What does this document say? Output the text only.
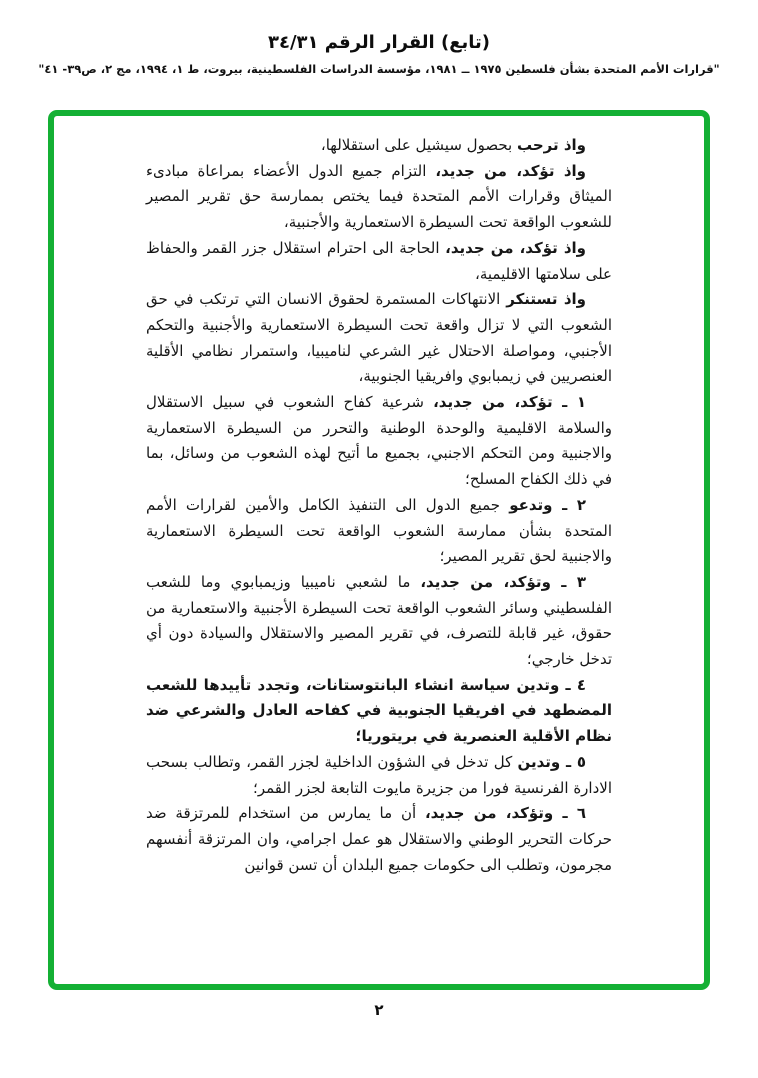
(تابع) القرار الرقم ٣٤/٣١
"قرارات الأمم المتحدة بشأن فلسطين ١٩٧٥ ــ ١٩٨١، مؤسسة الدراسات الفلسطينية، بيروت، ط ١، ١٩٩٤، مج ٢، ص٣٩- ٤١"

واذ ترحب بحصول سيشيل على استقلالها،

واذ تؤكد، من جديد، التزام جميع الدول الأعضاء بمراعاة مبادىء الميثاق وقرارات الأمم المتحدة فيما يختص بممارسة حق تقرير المصير للشعوب الواقعة تحت السيطرة الاستعمارية والأجنبية،

واذ تؤكد، من جديد، الحاجة الى احترام استقلال جزر القمر والحفاظ على سلامتها الاقليمية،

واذ تستنكر الانتهاكات المستمرة لحقوق الانسان التي ترتكب في حق الشعوب التي لا تزال واقعة تحت السيطرة الاستعمارية والأجنبية والتحكم الأجنبي، ومواصلة الاحتلال غير الشرعي لناميبيا، واستمرار نظامي الأقلية العنصريين في زيمبابوي وافريقيا الجنوبية،

١ ـ تؤكد، من جديد، شرعية كفاح الشعوب في سبيل الاستقلال والسلامة الاقليمية والوحدة الوطنية والتحرر من السيطرة الاستعمارية والاجنبية ومن التحكم الاجنبي، بجميع ما أتيح لهذه الشعوب من وسائل، بما في ذلك الكفاح المسلح؛

٢ ـ وتدعو جميع الدول الى التنفيذ الكامل والأمين لقرارات الأمم المتحدة بشأن ممارسة الشعوب الواقعة تحت السيطرة الاستعمارية والاجنبية لحق تقرير المصير؛

٣ ـ وتؤكد، من جديد، ما لشعبي ناميبيا وزيمبابوي وما للشعب الفلسطيني وسائر الشعوب الواقعة تحت السيطرة الأجنبية والاستعمارية من حقوق، غير قابلة للتصرف، في تقرير المصير والاستقلال والسيادة دون أي تدخل خارجي؛

٤ ـ وتدين سياسة انشاء البانتوستانات، وتجدد تأييدها للشعب المضطهد في افريقيا الجنوبية في كفاحه العادل والشرعي ضد نظام الأقلية العنصرية في بريتوريا؛

٥ ـ وتدين كل تدخل في الشؤون الداخلية لجزر القمر، وتطالب بسحب الادارة الفرنسية فورا من جزيرة مايوت التابعة لجزر القمر؛

٦ ـ وتؤكد، من جديد، أن ما يمارس من استخدام للمرتزقة ضد حركات التحرير الوطني والاستقلال هو عمل اجرامي، وان المرتزقة أنفسهم مجرمون، وتطلب الى حكومات جميع البلدان أن تسن قوانين

٢
